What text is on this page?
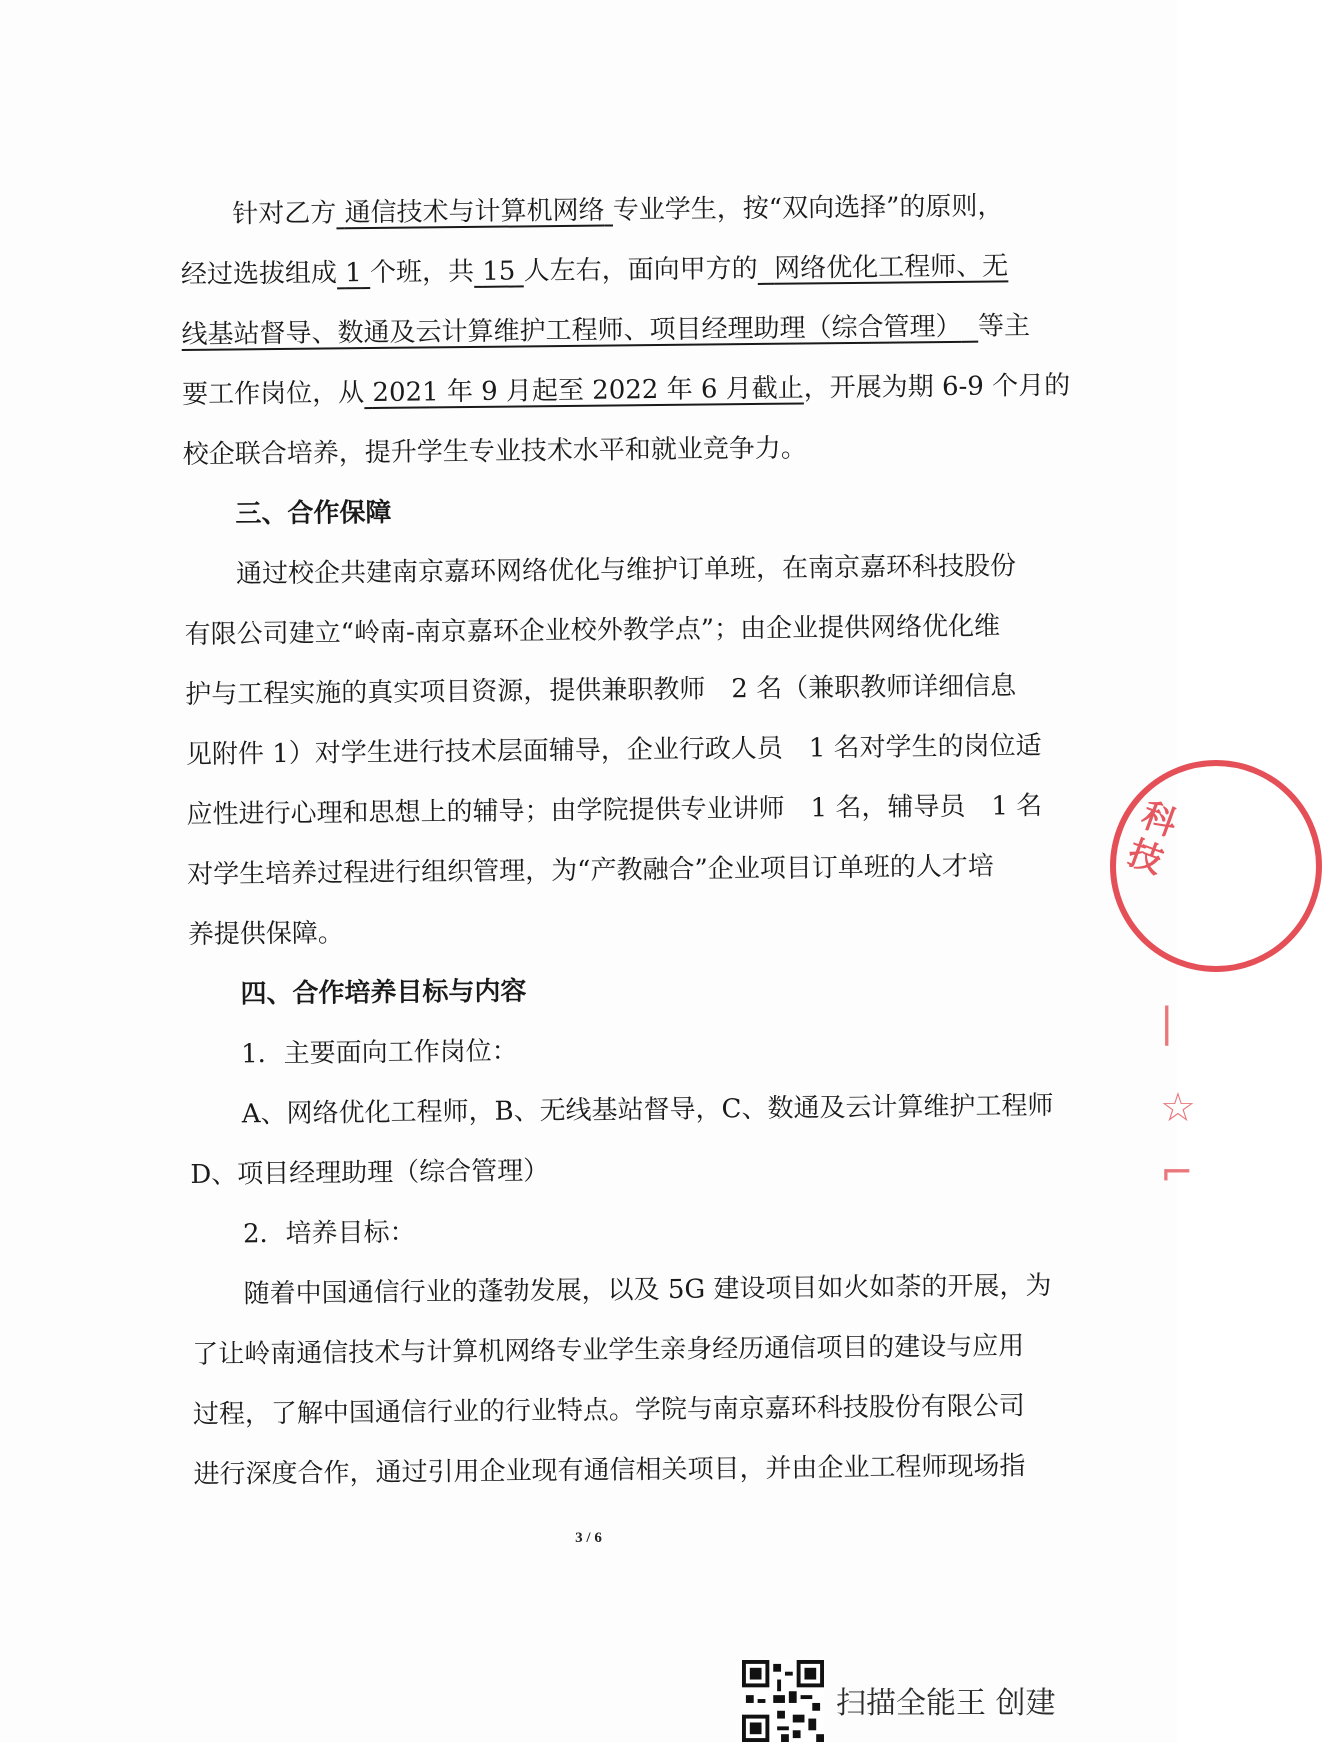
针对乙方 通信技术与计算机网络 专业学生，按“双向选择”的原则，
经过选拔组成 1 个班，共 15 人左右，面向甲方的 网络优化工程师、无
线基站督导、数通及云计算维护工程师、项目经理助理（综合管理） 等主
要工作岗位，从 2021 年 9 月起至 2022 年 6 月截止，开展为期 6-9 个月的
校企联合培养，提升学生专业技术水平和就业竞争力。
三、合作保障
通过校企共建南京嘉环网络优化与维护订单班，在南京嘉环科技股份
有限公司建立“岭南-南京嘉环企业校外教学点”；由企业提供网络优化维
护与工程实施的真实项目资源，提供兼职教师　2 名（兼职教师详细信息
见附件 1）对学生进行技术层面辅导，企业行政人员　1 名对学生的岗位适
应性进行心理和思想上的辅导；由学院提供专业讲师　1 名，辅导员　1 名
对学生培养过程进行组织管理，为“产教融合”企业项目订单班的人才培
养提供保障。
四、合作培养目标与内容
1．主要面向工作岗位：
A、网络优化工程师，B、无线基站督导，C、数通及云计算维护工程师
D、项目经理助理（综合管理）
2．培养目标：
随着中国通信行业的蓬勃发展，以及 5G 建设项目如火如荼的开展，为
了让岭南通信技术与计算机网络专业学生亲身经历通信项目的建设与应用
过程，了解中国通信行业的行业特点。学院与南京嘉环科技股份有限公司
进行深度合作，通过引用企业现有通信相关项目，并由企业工程师现场指
3 / 6
科技
|
☆
⌐
扫描全能王 创建
